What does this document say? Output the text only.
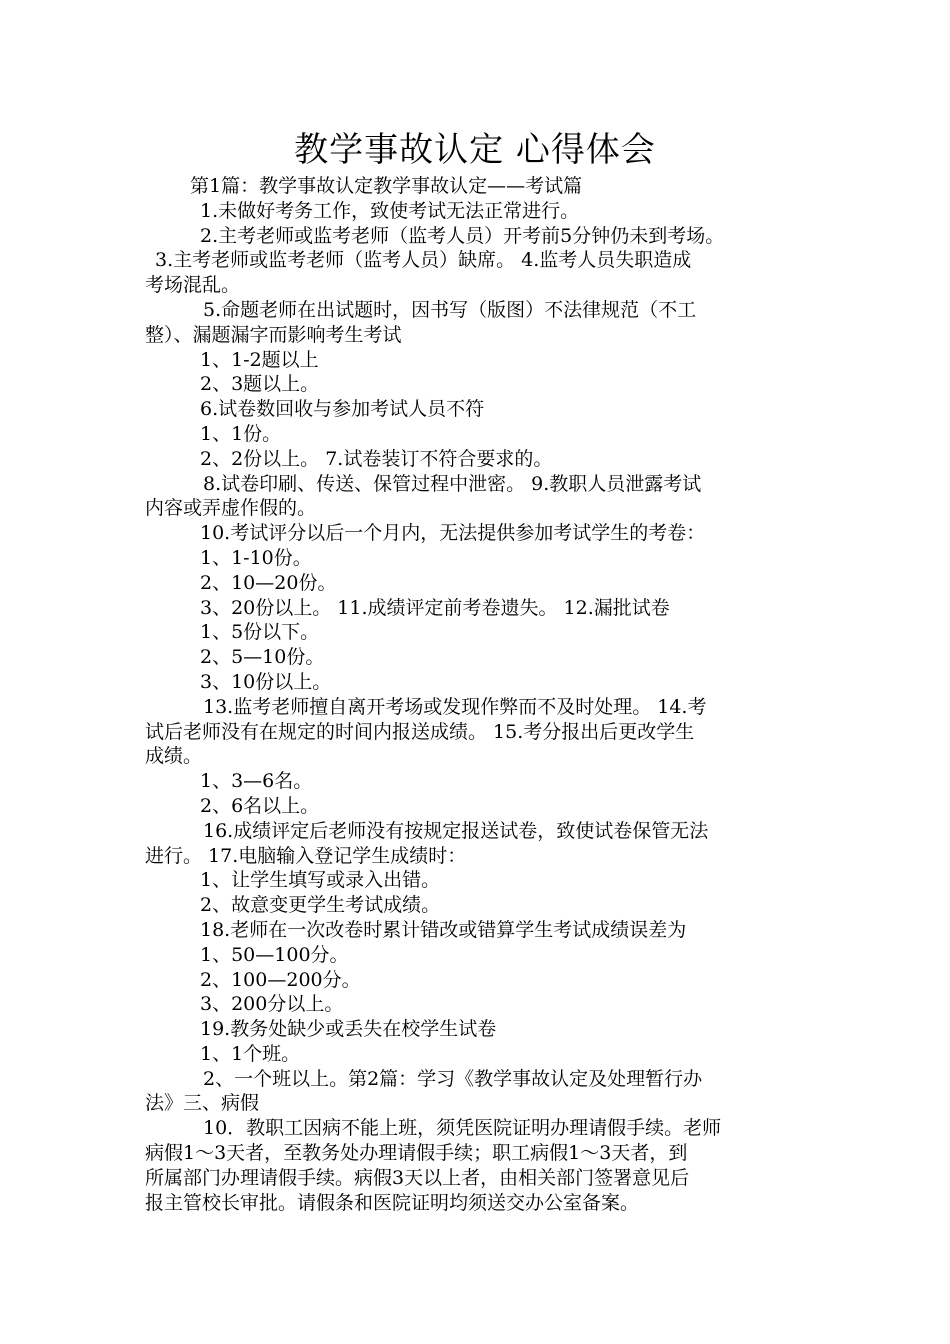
教学事故认定 心得体会
第1篇：教学事故认定教学事故认定——考试篇
1.未做好考务工作，致使考试无法正常进行。
2.主考老师或监考老师（监考人员）开考前5分钟仍未到考场。
3.主考老师或监考老师（监考人员）缺席。 4.监考人员失职造成
考场混乱。
5.命题老师在出试题时，因书写（版图）不法律规范（不工
整）、漏题漏字而影响考生考试
1、1-2题以上
2、3题以上。
6.试卷数回收与参加考试人员不符
1、1份。
2、2份以上。 7.试卷装订不符合要求的。
8.试卷印刷、传送、保管过程中泄密。 9.教职人员泄露考试
内容或弄虚作假的。
10.考试评分以后一个月内，无法提供参加考试学生的考卷：
1、1-10份。
2、10—20份。
3、20份以上。 11.成绩评定前考卷遗失。 12.漏批试卷
1、5份以下。
2、5—10份。
3、10份以上。
13.监考老师擅自离开考场或发现作弊而不及时处理。 14.考
试后老师没有在规定的时间内报送成绩。 15.考分报出后更改学生
成绩。
1、3—6名。
2、6名以上。
16.成绩评定后老师没有按规定报送试卷，致使试卷保管无法
进行。 17.电脑输入登记学生成绩时：
1、让学生填写或录入出错。
2、故意变更学生考试成绩。
18.老师在一次改卷时累计错改或错算学生考试成绩误差为
1、50—100分。
2、100—200分。
3、200分以上。
19.教务处缺少或丢失在校学生试卷
1、1个班。
2、一个班以上。第2篇：学习《教学事故认定及处理暂行办
法》三、病假
10．教职工因病不能上班，须凭医院证明办理请假手续。老师
病假1～3天者，至教务处办理请假手续；职工病假1～3天者，到
所属部门办理请假手续。病假3天以上者，由相关部门签署意见后
报主管校长审批。请假条和医院证明均须送交办公室备案。
